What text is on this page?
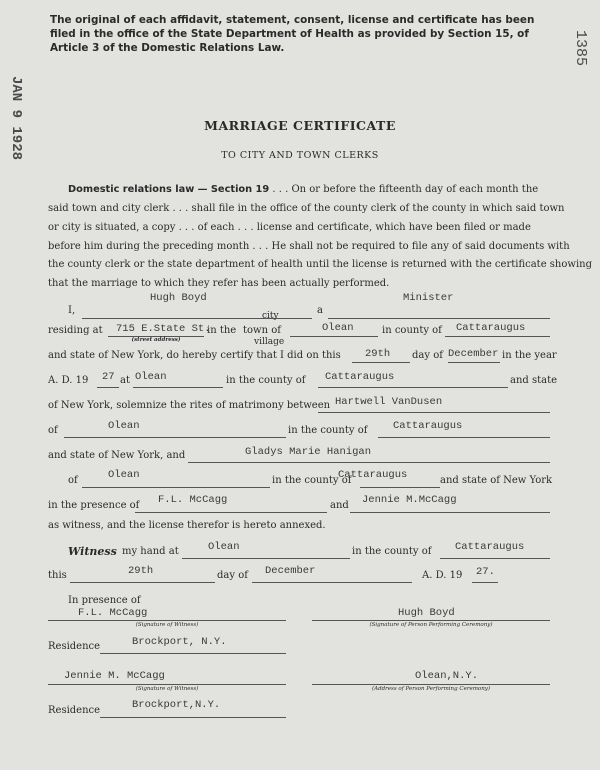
JAN 9 1928
1385
The original of each affidavit, statement, consent, license and certificate has been filed in the office of the State Department of Health as provided by Section 15, of Article 3 of the Domestic Relations Law.
MARRIAGE CERTIFICATE
TO CITY AND TOWN CLERKS
Domestic relations law — Section 19 . . . On or before the fifteenth day of each month the
said town and city clerk . . . shall file in the office of the county clerk of the county in which said town
or city is situated, a copy . . . of each . . . license and certificate, which have been filed or made
before him during the preceding month . . . He shall not be required to file any of said documents with
the county clerk or the state department of health until the license is returned with the certificate showing
that the marriage to which they refer has been actually performed.
I,
Hugh Boyd
a
Minister
residing at 715 E.State St.
(street address)
in the
city
town of
village
Olean	in county of Cattaraugus
and state of New York, do hereby certify that I did on this 29th day of December in the year
A. D. 19 27 at Olean	in the county of Cattaraugus	and state
of New York, solemnize the rites of matrimony between Hartwell VanDusen
of	Olean	in the county of Cattaraugus
and state of New York, and	Gladys Marie Hanigan
of	Olean	in the county of
Cattaraugus	and state of New York
in the presence of F.L. McCagg	and Jennie M.McCagg
as witness, and the license therefor is hereto annexed.
Witness my hand at	Olean	in the county of Cattaraugus
this	29th	day of December	A. D. 19 27.
In presence of
F.L. McCagg
(Signature of Witness)
Hugh Boyd
(Signature of Person Performing Ceremony)
Residence	Brockport, N.Y.
Jennie M. McCagg
(Signature of Witness)
Olean,N.Y.
(Address of Person Performing Ceremony)
Residence	Brockport,N.Y.
